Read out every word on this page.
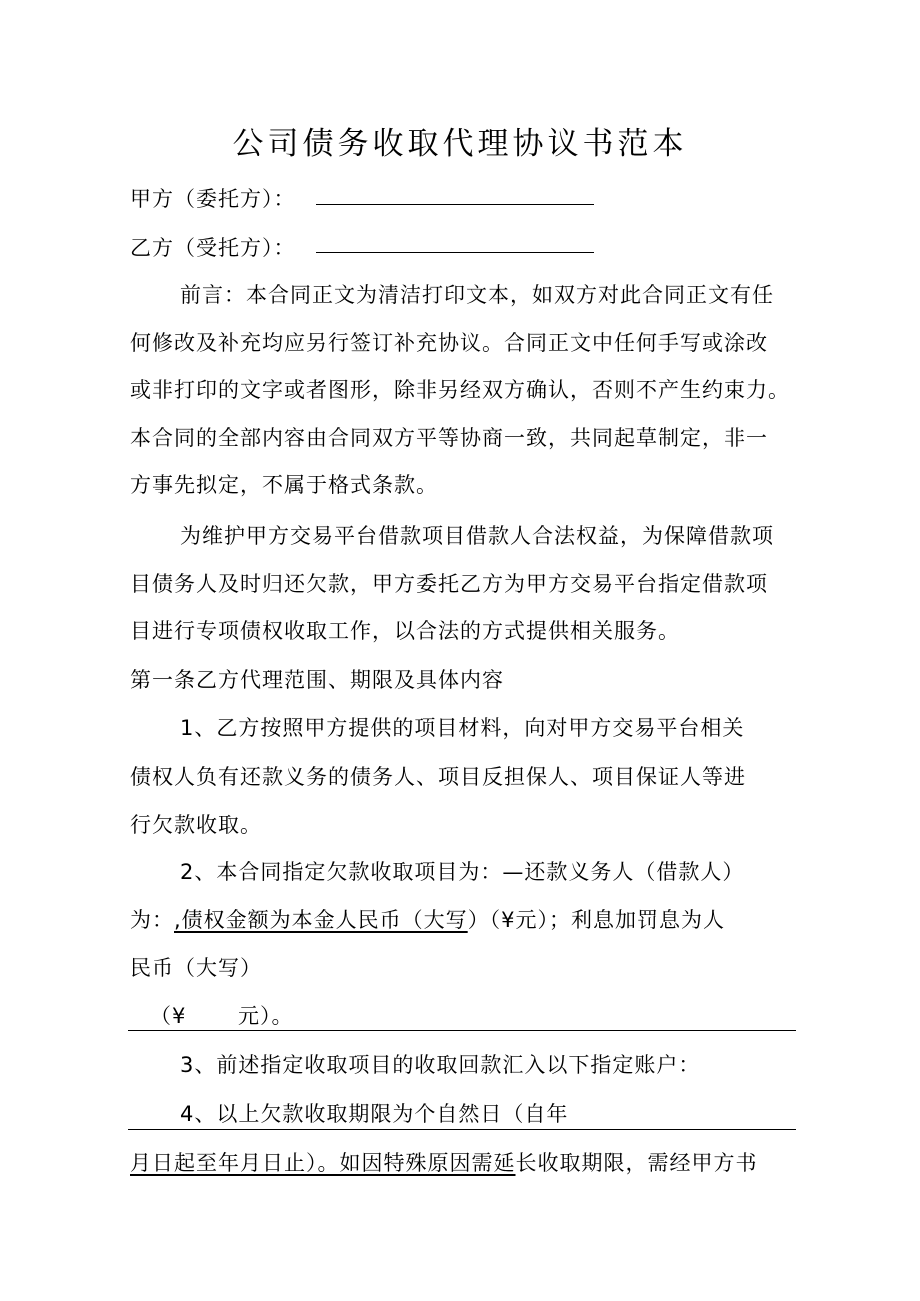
公司债务收取代理协议书范本
甲方（委托方）：
乙方（受托方）：
前言：本合同正文为清洁打印文本，如双方对此合同正文有任
何修改及补充均应另行签订补充协议。合同正文中任何手写或涂改
或非打印的文字或者图形，除非另经双方确认，否则不产生约束力。
本合同的全部内容由合同双方平等协商一致，共同起草制定，非一
方事先拟定，不属于格式条款。
为维护甲方交易平台借款项目借款人合法权益，为保障借款项
目债务人及时归还欠款，甲方委托乙方为甲方交易平台指定借款项
目进行专项债权收取工作，以合法的方式提供相关服务。
第一条乙方代理范围、期限及具体内容
1、乙方按照甲方提供的项目材料，向对甲方交易平台相关
债权人负有还款义务的债务人、项目反担保人、项目保证人等进
行欠款收取。
2、本合同指定欠款收取项目为：—还款义务人（借款人）
为：,债权金额为本金人民币（大写）（¥元）；利息加罚息为人
民币（大写）
（¥　　 元）。
3、前述指定收取项目的收取回款汇入以下指定账户：
4、以上欠款收取期限为个自然日（自年
月日起至年月日止）。如因特殊原因需延长收取期限，需经甲方书
